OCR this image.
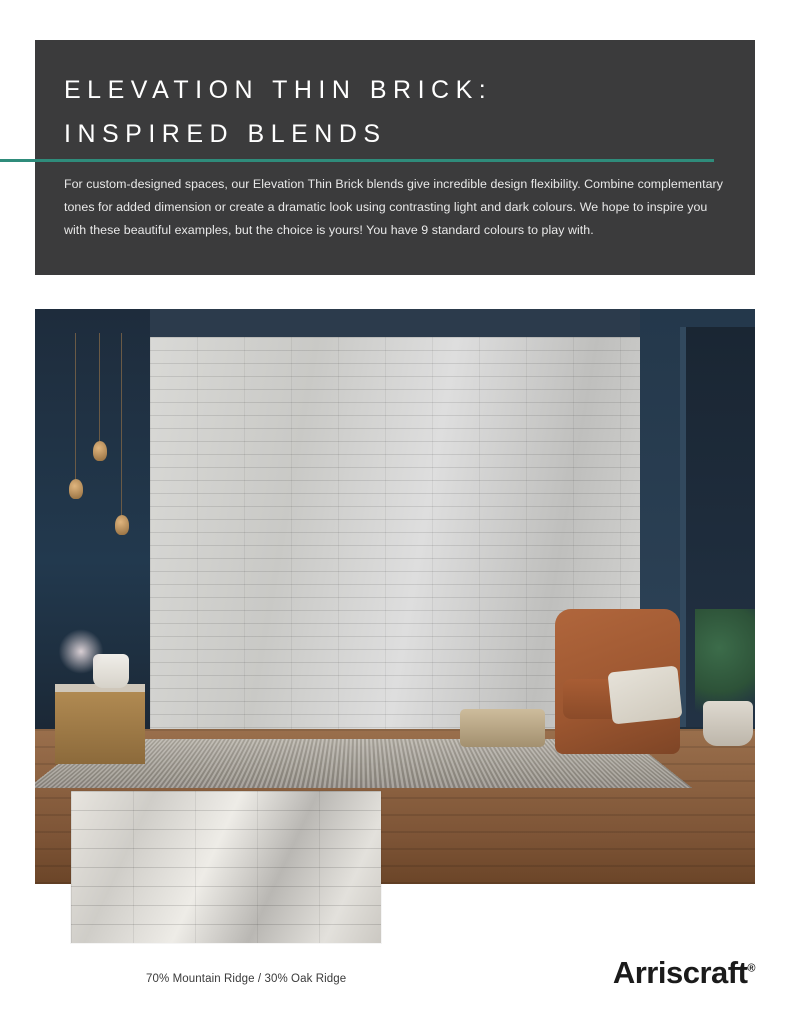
ELEVATION THIN BRICK:
INSPIRED BLENDS
For custom-designed spaces, our Elevation Thin Brick blends give incredible design flexibility. Combine complementary tones for added dimension or create a dramatic look using contrasting light and dark colours. We hope to inspire you with these beautiful examples, but the choice is yours! You have 9 standard colours to play with.
70% Mountain Ridge / 30% Oak Ridge	Arriscraft®
